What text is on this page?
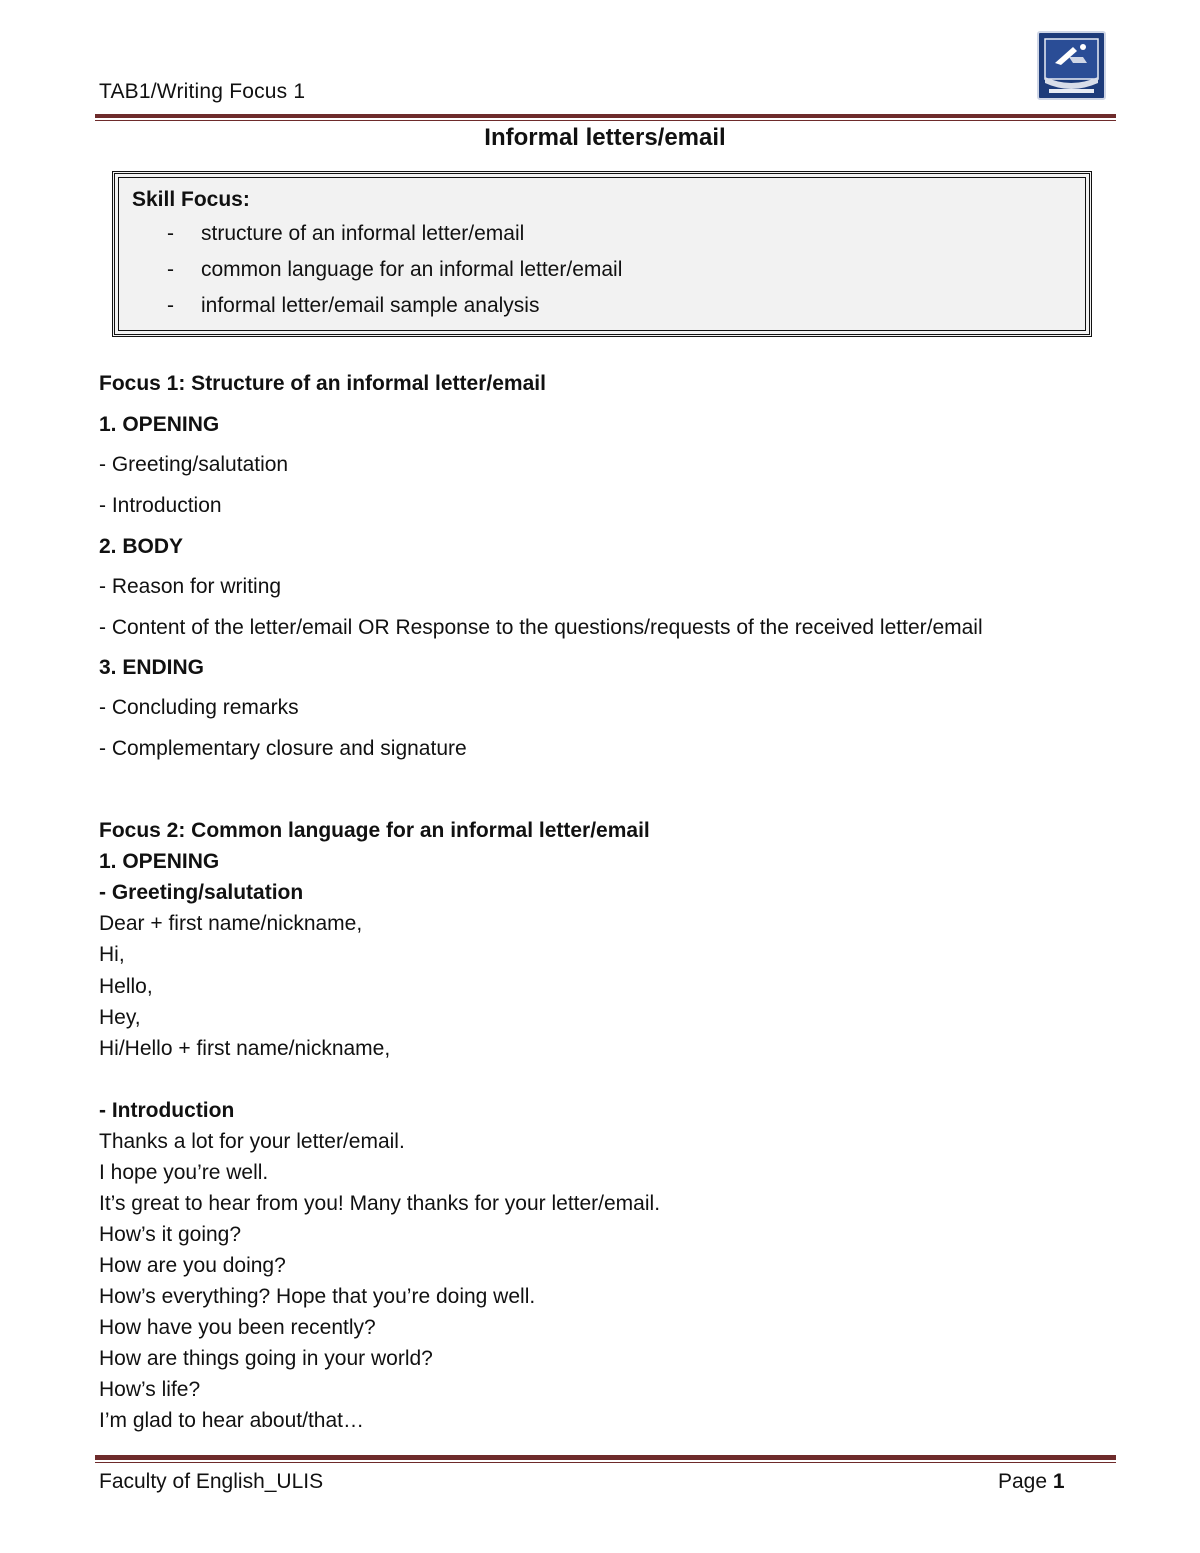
TAB1/Writing Focus 1
Informal letters/email
Skill Focus:
- structure of an informal letter/email
- common language for an informal letter/email
- informal letter/email sample analysis
Focus 1: Structure of an informal letter/email
1. OPENING
- Greeting/salutation
- Introduction
2. BODY
- Reason for writing
- Content of the letter/email OR Response to the questions/requests of the received letter/email
3. ENDING
- Concluding remarks
- Complementary closure and signature
Focus 2: Common language for an informal letter/email
1. OPENING
- Greeting/salutation
Dear + first name/nickname,
Hi,
Hello,
Hey,
Hi/Hello + first name/nickname,
- Introduction
Thanks a lot for your letter/email.
I hope you’re well.
It’s great to hear from you! Many thanks for your letter/email.
How’s it going?
How are you doing?
How’s everything? Hope that you’re doing well.
How have you been recently?
How are things going in your world?
How’s life?
I’m glad to hear about/that…
Faculty of English_ULIS	Page 1
